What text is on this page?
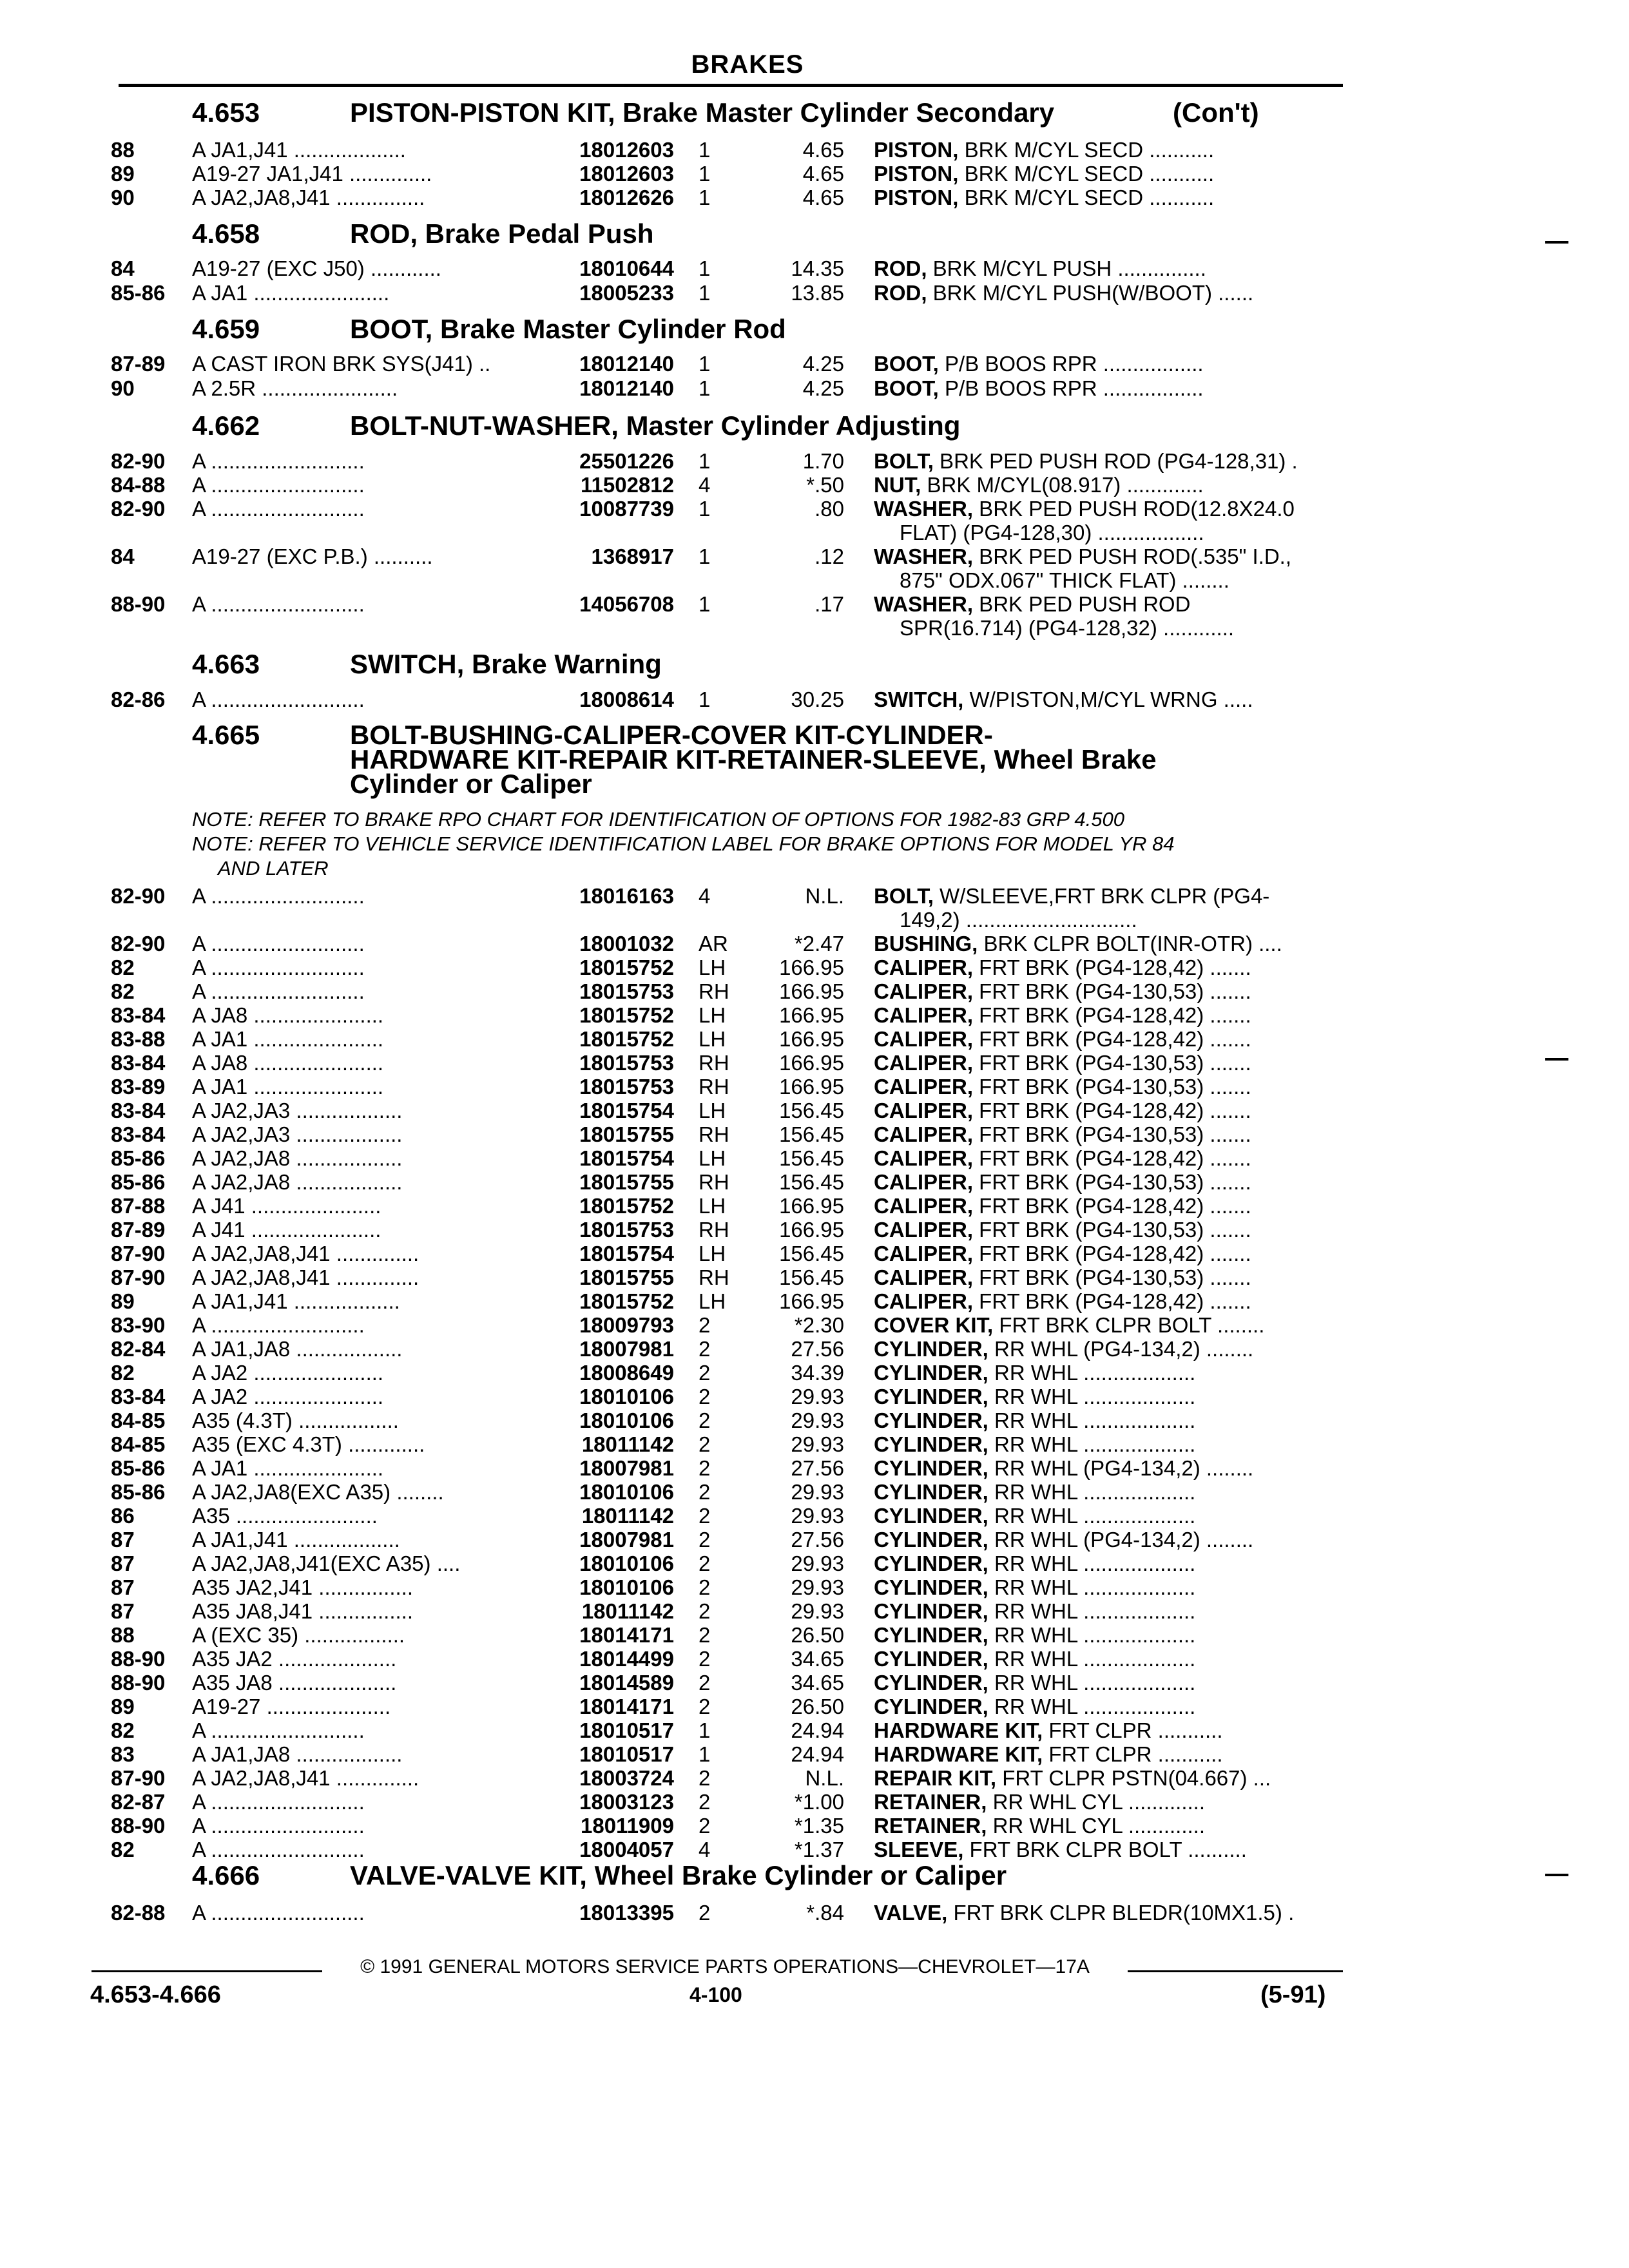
BRAKES
4.653	PISTON-PISTON KIT, Brake Master Cylinder Secondary	(Con't)
4.658	ROD, Brake Pedal Push
4.659	BOOT, Brake Master Cylinder Rod
4.662	BOLT-NUT-WASHER, Master Cylinder Adjusting
4.663	SWITCH, Brake Warning
4.665	BOLT-BUSHING-CALIPER-COVER KIT-CYLINDER-
HARDWARE KIT-REPAIR KIT-RETAINER-SLEEVE, Wheel Brake
Cylinder or Caliper
NOTE: REFER TO BRAKE RPO CHART FOR IDENTIFICATION OF OPTIONS FOR 1982-83 GRP 4.500
NOTE: REFER TO VEHICLE SERVICE IDENTIFICATION LABEL FOR BRAKE OPTIONS FOR MODEL YR 84
AND LATER
4.666	VALVE-VALVE KIT, Wheel Brake Cylinder or Caliper
88	A JA1,J41 ...................	18012603 1	4.65 PISTON, BRK M/CYL SECD ...........
89	A19-27 JA1,J41 ..............	18012603 1	4.65 PISTON, BRK M/CYL SECD ...........
90	A JA2,JA8,J41 ...............	18012626 1	4.65 PISTON, BRK M/CYL SECD ...........
84	A19-27 (EXC J50) ............	18010644 1	14.35 ROD, BRK M/CYL PUSH ...............
85-86 A JA1 .......................	18005233 1	13.85 ROD, BRK M/CYL PUSH(W/BOOT) ......
87-89 A CAST IRON BRK SYS(J41) ..	18012140 1	4.25 BOOT, P/B BOOS RPR .................
90	A 2.5R .......................	18012140 1	4.25 BOOT, P/B BOOS RPR .................
82-90 A ..........................	25501226 1	1.70 BOLT, BRK PED PUSH ROD (PG4-128,31) .
84-88 A ..........................	11502812 4	*.50 NUT, BRK M/CYL(08.917) .............
82-90 A ..........................	10087739 1	.80 WASHER, BRK PED PUSH ROD(12.8X24.0
FLAT) (PG4-128,30) ..................
84	A19-27 (EXC P.B.) ..........	1368917 1	.12 WASHER, BRK PED PUSH ROD(.535" I.D.,
875" ODX.067" THICK FLAT) ........
88-90 A ..........................	14056708 1	.17 WASHER, BRK PED PUSH ROD
SPR(16.714) (PG4-128,32) ............
82-86 A ..........................	18008614 1	30.25 SWITCH, W/PISTON,M/CYL WRNG .....
82-90 A ..........................	18016163 4	N.L. BOLT, W/SLEEVE,FRT BRK CLPR (PG4-
149,2) .............................
82-90 A ..........................	18001032 AR	*2.47 BUSHING, BRK CLPR BOLT(INR-OTR) ....
82	A ..........................	18015752 LH	166.95 CALIPER, FRT BRK (PG4-128,42) .......
82	A ..........................	18015753 RH	166.95 CALIPER, FRT BRK (PG4-130,53) .......
83-84 A JA8 ......................	18015752 LH	166.95 CALIPER, FRT BRK (PG4-128,42) .......
83-88 A JA1 ......................	18015752 LH	166.95 CALIPER, FRT BRK (PG4-128,42) .......
83-84 A JA8 ......................	18015753 RH	166.95 CALIPER, FRT BRK (PG4-130,53) .......
83-89 A JA1 ......................	18015753 RH	166.95 CALIPER, FRT BRK (PG4-130,53) .......
83-84 A JA2,JA3 ..................	18015754 LH	156.45 CALIPER, FRT BRK (PG4-128,42) .......
83-84 A JA2,JA3 ..................	18015755 RH	156.45 CALIPER, FRT BRK (PG4-130,53) .......
85-86 A JA2,JA8 ..................	18015754 LH	156.45 CALIPER, FRT BRK (PG4-128,42) .......
85-86 A JA2,JA8 ..................	18015755 RH	156.45 CALIPER, FRT BRK (PG4-130,53) .......
87-88 A J41 ......................	18015752 LH	166.95 CALIPER, FRT BRK (PG4-128,42) .......
87-89 A J41 ......................	18015753 RH	166.95 CALIPER, FRT BRK (PG4-130,53) .......
87-90 A JA2,JA8,J41 ..............	18015754 LH	156.45 CALIPER, FRT BRK (PG4-128,42) .......
87-90 A JA2,JA8,J41 ..............	18015755 RH	156.45 CALIPER, FRT BRK (PG4-130,53) .......
89	A JA1,J41 ..................	18015752 LH	166.95 CALIPER, FRT BRK (PG4-128,42) .......
83-90 A ..........................	18009793 2	*2.30 COVER KIT, FRT BRK CLPR BOLT ........
82-84 A JA1,JA8 ..................	18007981 2	27.56 CYLINDER, RR WHL (PG4-134,2) ........
82	A JA2 ......................	18008649 2	34.39 CYLINDER, RR WHL ...................
83-84 A JA2 ......................	18010106 2	29.93 CYLINDER, RR WHL ...................
84-85 A35 (4.3T) .................	18010106 2	29.93 CYLINDER, RR WHL ...................
84-85 A35 (EXC 4.3T) .............	18011142 2	29.93 CYLINDER, RR WHL ...................
85-86 A JA1 ......................	18007981 2	27.56 CYLINDER, RR WHL (PG4-134,2) ........
85-86 A JA2,JA8(EXC A35) ........	18010106 2	29.93 CYLINDER, RR WHL ...................
86	A35 ........................	18011142 2	29.93 CYLINDER, RR WHL ...................
87	A JA1,J41 ..................	18007981 2	27.56 CYLINDER, RR WHL (PG4-134,2) ........
87	A JA2,JA8,J41(EXC A35) ....	18010106 2	29.93 CYLINDER, RR WHL ...................
87	A35 JA2,J41 ................	18010106 2	29.93 CYLINDER, RR WHL ...................
87	A35 JA8,J41 ................	18011142 2	29.93 CYLINDER, RR WHL ...................
88	A (EXC 35) .................	18014171 2	26.50 CYLINDER, RR WHL ...................
88-90 A35 JA2 ....................	18014499 2	34.65 CYLINDER, RR WHL ...................
88-90 A35 JA8 ....................	18014589 2	34.65 CYLINDER, RR WHL ...................
89	A19-27 .....................	18014171 2	26.50 CYLINDER, RR WHL ...................
82	A ..........................	18010517 1	24.94 HARDWARE KIT, FRT CLPR ...........
83	A JA1,JA8 ..................	18010517 1	24.94 HARDWARE KIT, FRT CLPR ...........
87-90 A JA2,JA8,J41 ..............	18003724 2	N.L. REPAIR KIT, FRT CLPR PSTN(04.667) ...
82-87 A ..........................	18003123 2	*1.00 RETAINER, RR WHL CYL .............
88-90 A ..........................	18011909 2	*1.35 RETAINER, RR WHL CYL .............
82	A ..........................	18004057 4	*1.37 SLEEVE, FRT BRK CLPR BOLT ..........
82-88 A ..........................	18013395 2	*.84 VALVE, FRT BRK CLPR BLEDR(10MX1.5) .
© 1991 GENERAL MOTORS SERVICE PARTS OPERATIONS—CHEVROLET—17A
4.653-4.666	4-100	(5-91)
